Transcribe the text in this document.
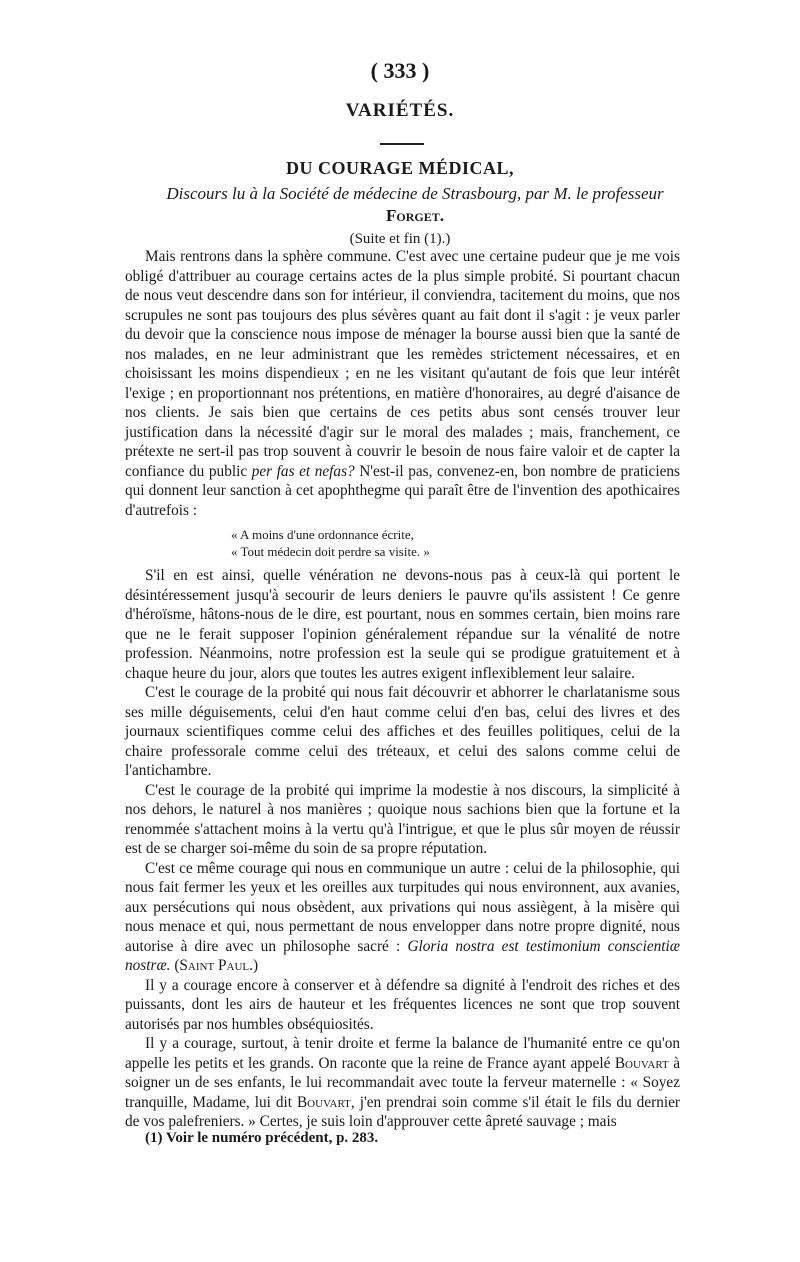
( 333 )
VARIÉTÉS.
DU COURAGE MÉDICAL,
Discours lu à la Société de médecine de Strasbourg, par M. le professeur
Forget.
(Suite et fin (1).)

Mais rentrons dans la sphère commune. C'est avec une certaine pudeur que je me vois obligé d'attribuer au courage certains actes de la plus simple probité. Si pourtant chacun de nous veut descendre dans son for intérieur, il conviendra, tacitement du moins, que nos scrupules ne sont pas toujours des plus sévères quant au fait dont il s'agit : je veux parler du devoir que la conscience nous impose de ménager la bourse aussi bien que la santé de nos malades, en ne leur administrant que les remèdes strictement nécessaires, et en choisissant les moins dispendieux ; en ne les visitant qu'autant de fois que leur intérêt l'exige ; en proportionnant nos prétentions, en matière d'honoraires, au degré d'aisance de nos clients. Je sais bien que certains de ces petits abus sont censés trouver leur justification dans la nécessité d'agir sur le moral des malades ; mais, franchement, ce prétexte ne sert-il pas trop souvent à couvrir le besoin de nous faire valoir et de capter la confiance du public per fas et nefas? N'est-il pas, convenez-en, bon nombre de praticiens qui donnent leur sanction à cet apophthegme qui paraît être de l'invention des apothicaires d'autrefois :

« A moins d'une ordonnance écrite,
« Tout médecin doit perdre sa visite. »

S'il en est ainsi, quelle vénération ne devons-nous pas à ceux-là qui portent le désintéressement jusqu'à secourir de leurs deniers le pauvre qu'ils assistent ! Ce genre d'héroïsme, hâtons-nous de le dire, est pourtant, nous en sommes certain, bien moins rare que ne le ferait supposer l'opinion généralement répandue sur la vénalité de notre profession. Néanmoins, notre profession est la seule qui se prodigue gratuitement et à chaque heure du jour, alors que toutes les autres exigent inflexiblement leur salaire.

C'est le courage de la probité qui nous fait découvrir et abhorrer le charlatanisme sous ses mille déguisements, celui d'en haut comme celui d'en bas, celui des livres et des journaux scientifiques comme celui des affiches et des feuilles politiques, celui de la chaire professorale comme celui des tréteaux, et celui des salons comme celui de l'antichambre.

C'est le courage de la probité qui imprime la modestie à nos discours, la simplicité à nos dehors, le naturel à nos manières ; quoique nous sachions bien que la fortune et la renommée s'attachent moins à la vertu qu'à l'intrigue, et que le plus sûr moyen de réussir est de se charger soi-même du soin de sa propre réputation.

C'est ce même courage qui nous en communique un autre : celui de la philosophie, qui nous fait fermer les yeux et les oreilles aux turpitudes qui nous environnent, aux avanies, aux persécutions qui nous obsèdent, aux privations qui nous assiègent, à la misère qui nous menace et qui, nous permettant de nous envelopper dans notre propre dignité, nous autorise à dire avec un philosophe sacré : Gloria nostra est testimonium conscientiæ nostræ. (Saint Paul.)

Il y a courage encore à conserver et à défendre sa dignité à l'endroit des riches et des puissants, dont les airs de hauteur et les fréquentes licences ne sont que trop souvent autorisés par nos humbles obséquiosités.

Il y a courage, surtout, à tenir droite et ferme la balance de l'humanité entre ce qu'on appelle les petits et les grands. On raconte que la reine de France ayant appelé Bouvart à soigner un de ses enfants, le lui recommandait avec toute la ferveur maternelle : « Soyez tranquille, Madame, lui dit Bouvart, j'en prendrai soin comme s'il était le fils du dernier de vos palefreniers. » Certes, je suis loin d'approuver cette âpreté sauvage ; mais

(1) Voir le numéro précédent, p. 283.
